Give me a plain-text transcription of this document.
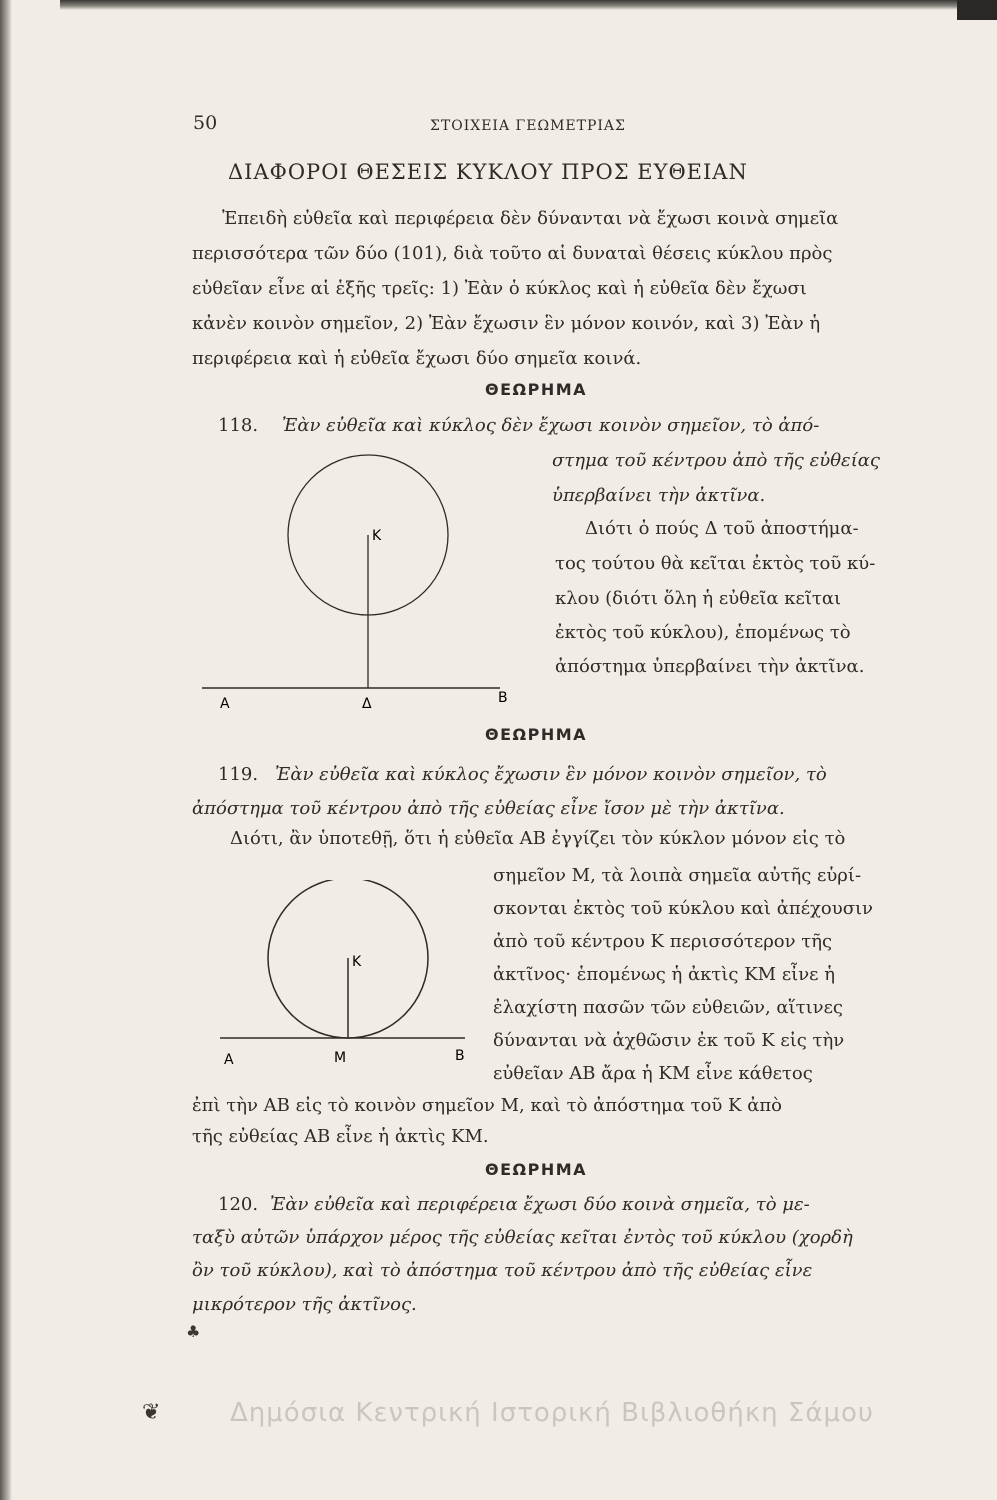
50	ΣΤΟΙΧΕΙΑ ΓΕΩΜΕΤΡΙΑΣ
ΔΙΑΦΟΡΟΙ ΘΕΣΕΙΣ ΚΥΚΛΟΥ ΠΡΟΣ ΕΥΘΕΙΑΝ
Ἐπειδὴ εὐθεῖα καὶ περιφέρεια δὲν δύνανται νὰ ἔχωσι κοινὰ σημεῖα
περισσότερα τῶν δύο (101), διὰ τοῦτο αἱ δυναταὶ θέσεις κύκλου πρὸς
εὐθεῖαν εἶνε αἱ ἑξῆς τρεῖς: 1) Ἐὰν ὁ κύκλος καὶ ἡ εὐθεῖα δὲν ἔχωσι
κἀνὲν κοινὸν σημεῖον, 2) Ἐὰν ἔχωσιν ἓν μόνον κοινόν, καὶ 3) Ἐὰν ἡ
περιφέρεια καὶ ἡ εὐθεῖα ἔχωσι δύο σημεῖα κοινά.
ΘΕΩΡΗΜΑ
118. Ἐὰν εὐθεῖα καὶ κύκλος δὲν ἔχωσι κοινὸν σημεῖον, τὸ ἀπό-
στημα τοῦ κέντρου ἀπὸ τῆς εὐθείας
ὑπερβαίνει τὴν ἀκτῖνα.
Διότι ὁ πούς Δ τοῦ ἀποστήμα-
τος τούτου θὰ κεῖται ἐκτὸς τοῦ κύ-
κλου (διότι ὅλη ἡ εὐθεῖα κεῖται
ἐκτὸς τοῦ κύκλου), ἑπομένως τὸ
ἀπόστημα ὑπερβαίνει τὴν ἀκτῖνα.
K
A	Δ	B
ΘΕΩΡΗΜΑ
119. Ἐὰν εὐθεῖα καὶ κύκλος ἔχωσιν ἓν μόνον κοινὸν σημεῖον, τὸ
ἀπόστημα τοῦ κέντρου ἀπὸ τῆς εὐθείας εἶνε ἴσον μὲ τὴν ἀκτῖνα.
Διότι, ἂν ὑποτεθῇ, ὅτι ἡ εὐθεῖα AB ἐγγίζει τὸν κύκλον μόνον εἰς τὸ
σημεῖον M, τὰ λοιπὰ σημεῖα αὐτῆς εὑρί-
σκονται ἐκτὸς τοῦ κύκλου καὶ ἀπέχουσιν
ἀπὸ τοῦ κέντρου K περισσότερον τῆς
ἀκτῖνος· ἑπομένως ἡ ἀκτὶς KM εἶνε ἡ
ἐλαχίστη πασῶν τῶν εὐθειῶν, αἵτινες
δύνανται νὰ ἀχθῶσιν ἐκ τοῦ K εἰς τὴν
εὐθεῖαν AB ἄρα ἡ KM εἶνε κάθετος
ἐπὶ τὴν AB εἰς τὸ κοινὸν σημεῖον M, καὶ τὸ ἀπόστημα τοῦ K ἀπὸ
τῆς εὐθείας AB εἶνε ἡ ἀκτὶς KM.
K
A	M	B
ΘΕΩΡΗΜΑ
120. Ἐὰν εὐθεῖα καὶ περιφέρεια ἔχωσι δύο κοινὰ σημεῖα, τὸ με-
ταξὺ αὐτῶν ὑπάρχον μέρος τῆς εὐθείας κεῖται ἐντὸς τοῦ κύκλου (χορδὴ
ὂν τοῦ κύκλου), καὶ τὸ ἀπόστημα τοῦ κέντρου ἀπὸ τῆς εὐθείας εἶνε
μικρότερον τῆς ἀκτῖνος.
♣
❦	Δημόσια Κεντρική Ιστορική Βιβλιοθήκη Σάμου
